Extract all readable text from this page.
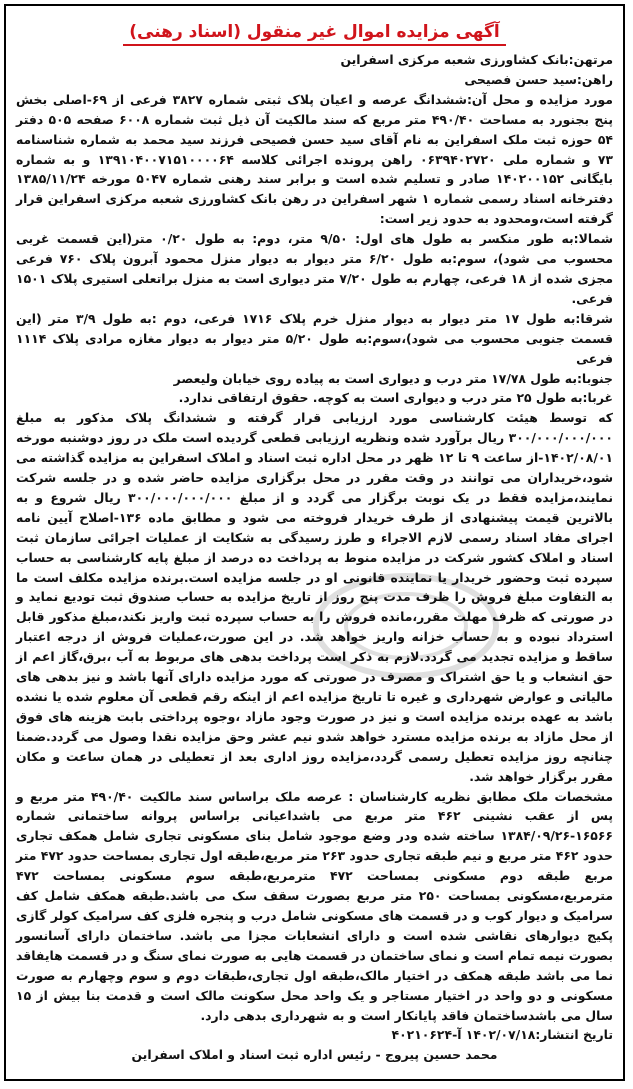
آگهی مزایده اموال غیر منقول (اسناد رهنی)

مرتهن:بانک کشاورزی شعبه مرکزی اسفراین

راهن:سید حسن فصیحی

مورد مزایده و محل آن:ششدانگ عرصه و اعیان پلاک ثبتی شماره ۳۸۲۷ فرعی از ۶۹-اصلی بخش پنج بجنورد به مساحت ۴۹۰/۴۰ متر مربع که سند مالکیت آن ذیل ثبت شماره ۶۰۰۸ صفحه ۵۰۵ دفتر ۵۴ حوزه ثبت ملک اسفراین به نام آقای سید حسن فصیحی فرزند سید محمد به شماره شناسنامه ۷۳ و شماره ملی ۰۶۳۹۴۰۲۷۲۰ راهن پرونده اجرائی کلاسه ۱۳۹۱۰۴۰۰۷۱۵۱۰۰۰۰۶۴ و به شماره بایگانی ۱۴۰۲۰۰۱۵۲ صادر و تسلیم شده است و برابر سند رهنی شماره ۵۰۴۷ مورخه ۱۳۸۵/۱۱/۲۴ دفترخانه اسناد رسمی شماره ۱ شهر اسفراین در رهن بانک کشاورزی شعبه مرکزی اسفراین قرار گرفته است،ومحدود به حدود زیر است:
شمالا:به طور منکسر به طول های اول: ۹/۵۰ متر، دوم: به طول ۰/۲۰ متر(این قسمت غربی محسوب می شود)، سوم:به طول ۶/۲۰ متر دیوار به دیوار منزل محمود آبرون پلاک ۷۶۰ فرعی مجزی شده از ۱۸ فرعی، چهارم به طول ۷/۲۰ متر دیواری است به منزل براتعلی استیری پلاک ۱۵۰۱ فرعی.
شرقا:به طول ۱۷ متر دیوار به دیوار منزل خرم پلاک ۱۷۱۶ فرعی، دوم :به طول ۳/۹ متر (این قسمت جنوبی محسوب می شود)،سوم:به طول ۵/۲۰ متر دیوار به دیوار مغازه مرادی پلاک ۱۱۱۴ فرعی
جنوبا:به طول ۱۷/۷۸ متر درب و دیواری است به پیاده روی خیابان ولیعصر
غربا:به طول ۲۵ متر درب و دیواری است به کوچه. حقوق ارتفاقی ندارد.
که توسط هیئت کارشناسی مورد ارزیابی قرار گرفته و ششدانگ پلاک مذکور به مبلغ ۳۰۰/۰۰۰/۰۰۰/۰۰۰ ریال برآورد شده ونظریه ارزیابی قطعی گردیده است ملک در روز دوشنبه مورخه ۱۴۰۲/۰۸/۰۱-از ساعت ۹ تا ۱۲ ظهر در محل اداره ثبت اسناد و املاک اسفراین به مزایده گذاشته می شود،خریداران می توانند در وقت مقرر در محل برگزاری مزایده حاضر شده و در جلسه شرکت نمایند،مزایده فقط در یک نوبت برگزار می گردد و از مبلغ ۳۰۰/۰۰۰/۰۰۰/۰۰۰ ریال شروع و به بالاترین قیمت پیشنهادی از طرف خریدار فروخته می شود و مطابق ماده ۱۳۶-اصلاح آیین نامه اجرای مفاد اسناد رسمی لازم الاجراء و طرز رسیدگی به شکایت از عملیات اجرائی سازمان ثبت اسناد و املاک کشور شرکت در مزایده منوط به پرداخت ده درصد از مبلغ پایه کارشناسی به حساب سپرده ثبت وحضور خریدار یا نماینده قانونی او در جلسه مزایده است.برنده مزایده مکلف است ما به التفاوت مبلغ فروش را ظرف مدت پنج روز از تاریخ مزایده به حساب صندوق ثبت تودیع نماید و در صورتی که ظرف مهلت مقرر،مانده فروش را به حساب سپرده ثبت واریز نکند،مبلغ مذکور قابل استرداد نبوده و به حساب خزانه واریز خواهد شد. در این صورت،عملیات فروش از درجه اعتبار ساقط و مزایده تجدید می گردد.لازم به ذکر است پرداخت بدهی های مربوط به آب ،برق،گاز اعم از حق انشعاب و یا حق اشتراک و مصرف در صورتی که مورد مزایده دارای آنها باشد و نیز بدهی های مالیاتی و عوارض شهرداری و غیره تا تاریخ مزایده اعم از اینکه رقم قطعی آن معلوم شده یا نشده باشد به عهده برنده مزایده است و نیز در صورت وجود مازاد ،وجوه پرداختی بابت هزینه های فوق از محل مازاد به برنده مزایده مسترد خواهد شدو نیم عشر وحق مزایده نقدا وصول می گردد.ضمنا چنانچه روز مزایده تعطیل رسمی گردد،مزایده روز اداری بعد از تعطیلی در همان ساعت و مکان مقرر برگزار خواهد شد.
مشخصات ملک مطابق نظریه کارشناسان : عرصه ملک براساس سند مالکیت ۴۹۰/۴۰ متر مربع و پس از عقب نشینی ۴۶۲ متر مربع می باشداعیانی براساس پروانه ساختمانی شماره ۱۶۵۶۶-۱۳۸۴/۰۹/۲۶ ساخته شده ودر وضع موجود شامل بنای مسکونی تجاری شامل همکف تجاری حدود ۴۶۲ متر مربع و نیم طبقه تجاری حدود ۲۶۳ متر مربع،طبقه اول تجاری بمساحت حدود ۴۷۲ متر مربع طبقه دوم مسکونی بمساحت ۴۷۲ مترمربع،طبقه سوم مسکونی بمساحت ۴۷۲ مترمربع،مسکونی بمساحت ۲۵۰ متر مربع بصورت سقف سک می باشد.طبقه همکف شامل کف سرامیک و دیوار کوب و در قسمت های مسکونی شامل درب و پنجره فلزی کف سرامیک کولر گازی پکیج دیوارهای نقاشی شده است و دارای انشعابات مجزا می باشد. ساختمان دارای آسانسور بصورت نیمه تمام است و نمای ساختمان در قسمت هایی به صورت نمای سنگ و در قسمت هایفاقد نما می باشد طبقه همکف در اختیار مالک،طبقه اول تجاری،طبقات دوم و سوم وچهارم به صورت مسکونی و دو واحد در اختیار مستاجر و یک واحد محل سکونت مالک است و قدمت بنا بیش از ۱۵ سال می باشدساختمان فاقد پایانکار است و به شهرداری بدهی دارد.

تاریخ انتشار:۱۴۰۲/۰۷/۱۸ آ-۴۰۲۱۰۶۲۴

محمد حسین پیروج - رئیس اداره ثبت اسناد و املاک اسفراین
